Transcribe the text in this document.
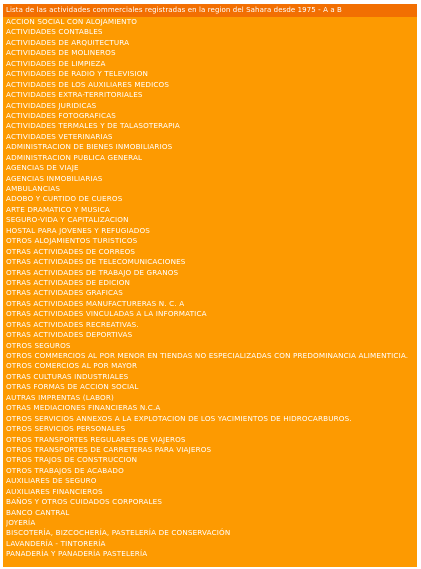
Lista de las actividades commerciales registradas en la region del Sahara desde 1975 - A a B
ACCION SOCIAL CON ALOJAMIENTO
ACTIVIDADES CONTABLES
ACTIVIDADES DE ARQUITECTURA
ACTIVIDADES DE MOLINEROS
ACTIVIDADES DE LIMPIEZA
ACTIVIDADES DE RADIO Y TELEVISION
ACTIVIDADES DE LOS AUXILIARES MEDICOS
ACTIVIDADES EXTRA-TERRITORIALES
ACTIVIDADES JURIDICAS
ACTIVIDADES FOTOGRAFICAS
ACTIVIDADES TERMALES Y DE TALASOTERAPIA
ACTIVIDADES VETERINARIAS
ADMINISTRACION DE BIENES INMOBILIARIOS
ADMINISTRACION PUBLICA GENERAL
AGENCIAS DE VIAJE
AGENCIAS INMOBILIARIAS
AMBULANCIAS
ADOBO Y CURTIDO DE CUEROS
ARTE DRAMATICO Y MUSICA
SEGURO-VIDA Y CAPITALIZACION
HOSTAL PARA JOVENES Y REFUGIADOS
OTROS ALOJAMIENTOS TURISTICOS
OTRAS ACTIVIDADES DE CORREOS
OTRAS ACTIVIDADES DE TELECOMUNICACIONES
OTRAS ACTIVIDADES DE TRABAJO DE GRANOS
OTRAS ACTIVIDADES DE EDICION
OTRAS ACTIVIDADES GRAFICAS
OTRAS ACTIVIDADES MANUFACTURERAS N. C. A
OTRAS ACTIVIDADES VINCULADAS A LA INFORMATICA
OTRAS ACTIVIDADES RECREATIVAS.
OTRAS ACTIVIDADES DEPORTIVAS
OTROS SEGUROS
OTROS COMMERCIOS AL POR MENOR EN TIENDAS NO ESPECIALIZADAS CON PREDOMINANCIA ALIMENTICIA.
OTROS COMERCIOS AL POR MAYOR
OTRAS CULTURAS INDUSTRIALES
OTRAS FORMAS DE ACCION SOCIAL
AUTRAS IMPRENTAS (LABOR)
OTRAS MEDIACIONES FINANCIERAS N.C.A
OTROS SERVICIOS ANNEXOS A LA EXPLOTACION DE LOS YACIMIENTOS DE HIDROCARBUROS.
OTROS SERVICIOS PERSONALES
OTROS TRANSPORTES REGULARES DE VIAJEROS
OTROS TRANSPORTES DE CARRETERAS PARA VIAJEROS
OTROS TRAJOS DE CONSTRUCCION
OTROS TRABAJOS DE ACABADO
AUXILIARES DE SEGURO
AUXILIARES FINANCIEROS
BAÑOS Y OTROS CUIDADOS CORPORALES
BANCO CANTRAL
JOYERÍA
BISCOTERÍA, BIZCOCHERÍA, PASTELERÍA DE CONSERVACIÓN
LAVANDERÍA - TINTORERÍA
PANADERÍA Y PANADERÍA PASTELERÍA
